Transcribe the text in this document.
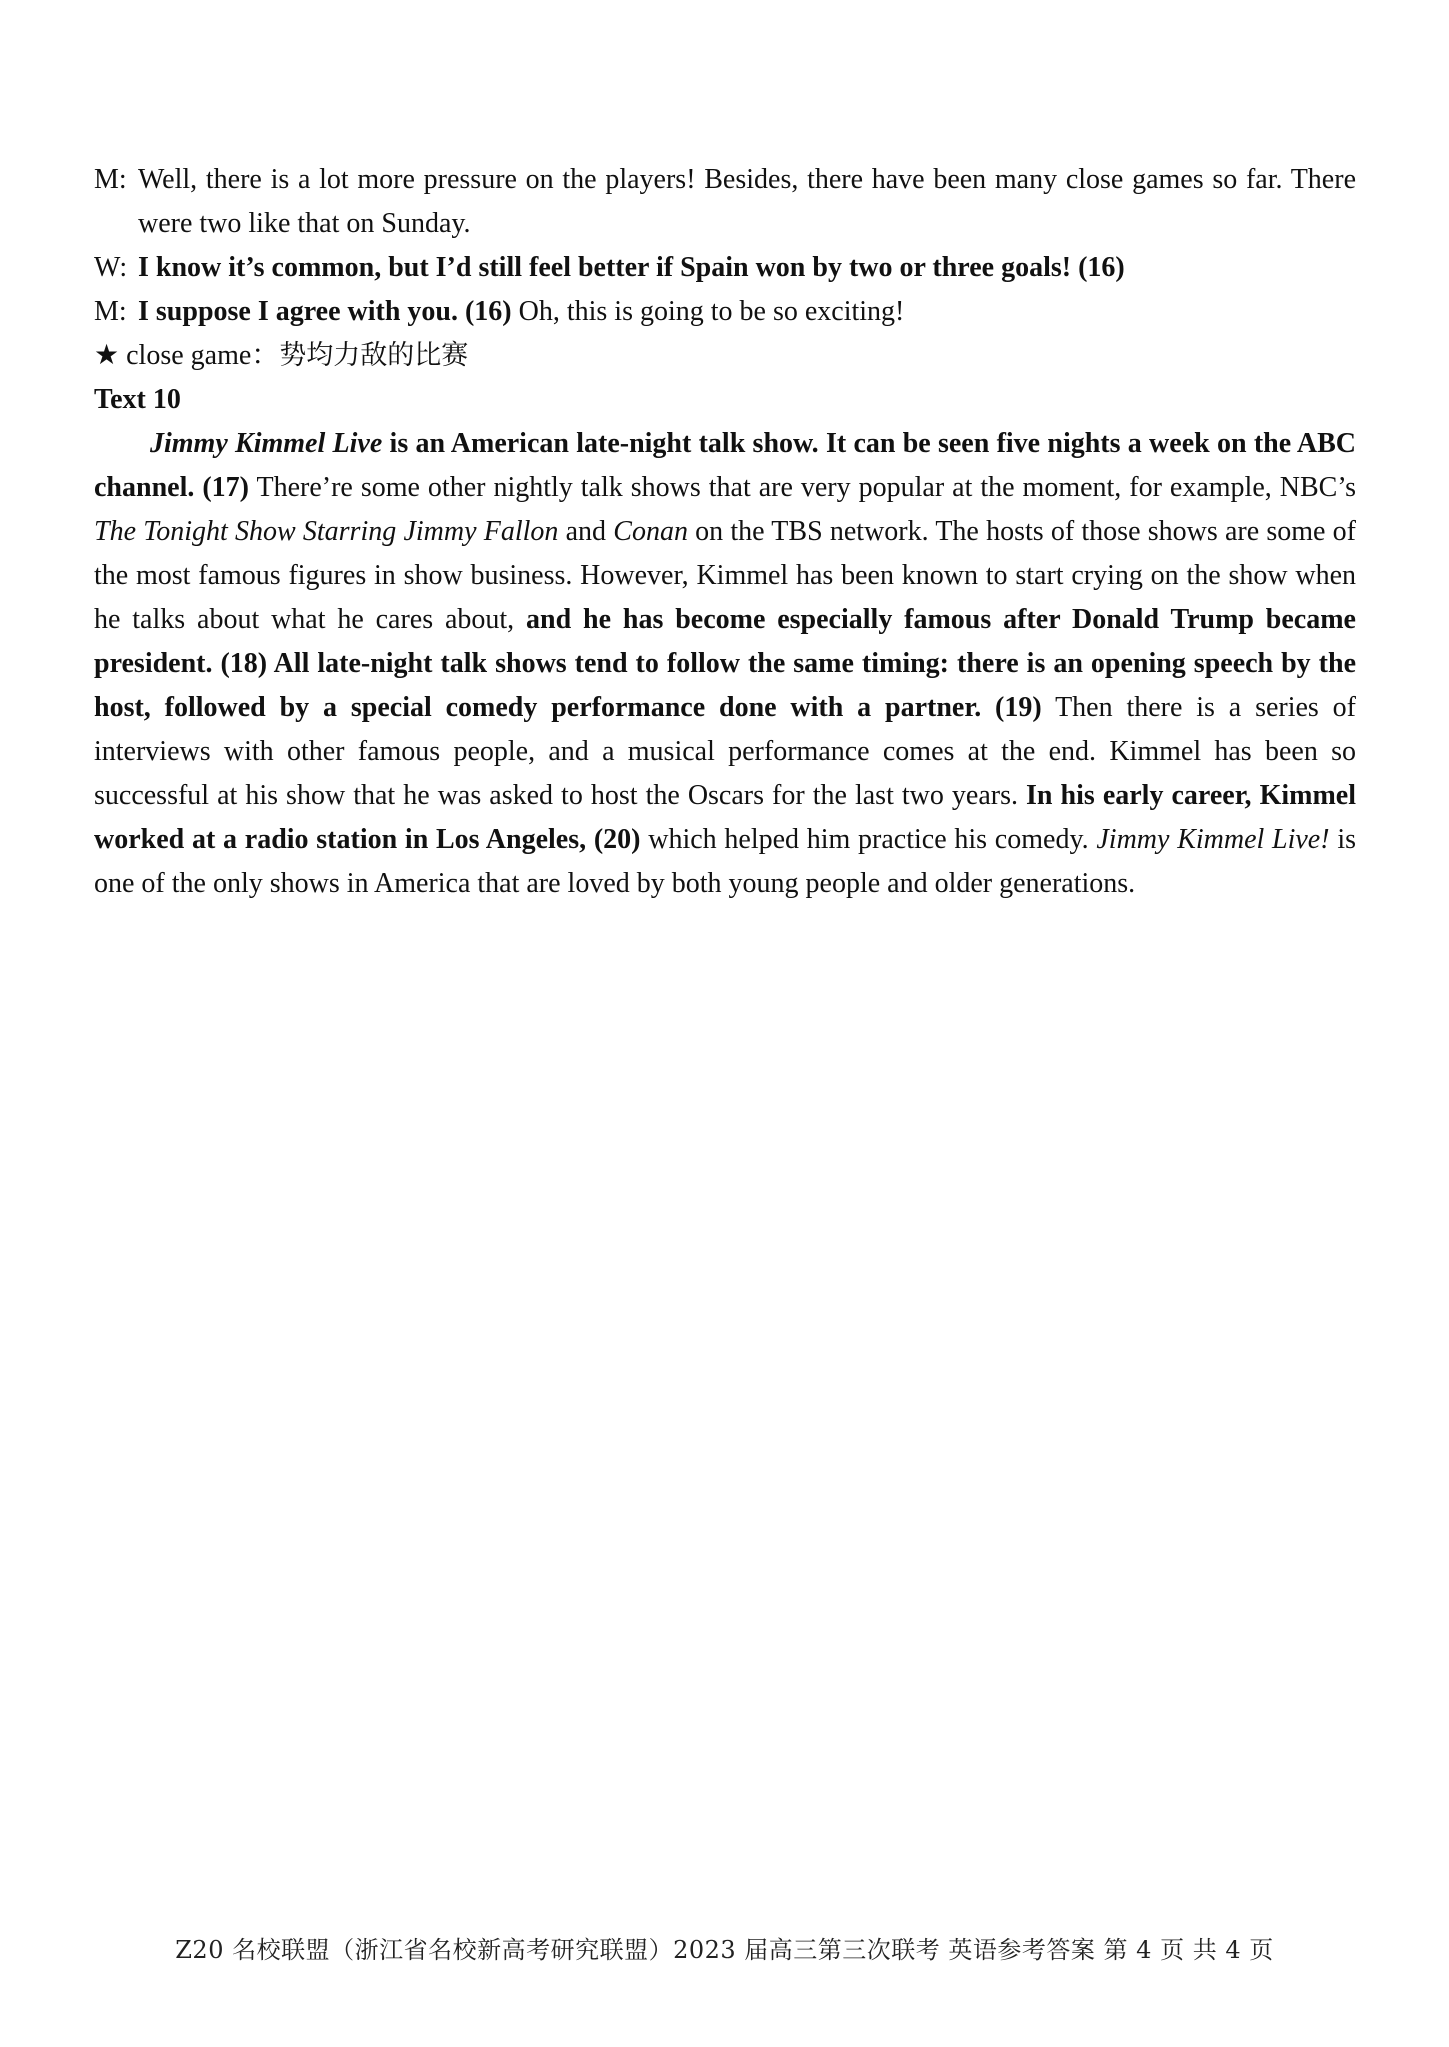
M: Well, there is a lot more pressure on the players! Besides, there have been many close games so far. There were two like that on Sunday.
W: I know it’s common, but I’d still feel better if Spain won by two or three goals! (16)
M: I suppose I agree with you. (16) Oh, this is going to be so exciting!

★ close game：势均力敌的比赛

Text 10

Jimmy Kimmel Live is an American late-night talk show. It can be seen five nights a week on the ABC channel. (17) There’re some other nightly talk shows that are very popular at the moment, for example, NBC’s The Tonight Show Starring Jimmy Fallon and Conan on the TBS network. The hosts of those shows are some of the most famous figures in show business. However, Kimmel has been known to start crying on the show when he talks about what he cares about, and he has become especially famous after Donald Trump became president. (18) All late-night talk shows tend to follow the same timing: there is an opening speech by the host, followed by a special comedy performance done with a partner. (19) Then there is a series of interviews with other famous people, and a musical performance comes at the end. Kimmel has been so successful at his show that he was asked to host the Oscars for the last two years. In his early career, Kimmel worked at a radio station in Los Angeles, (20) which helped him practice his comedy. Jimmy Kimmel Live! is one of the only shows in America that are loved by both young people and older generations.

Z20 名校联盟（浙江省名校新高考研究联盟）2023 届高三第三次联考 英语参考答案 第 4 页 共 4 页
